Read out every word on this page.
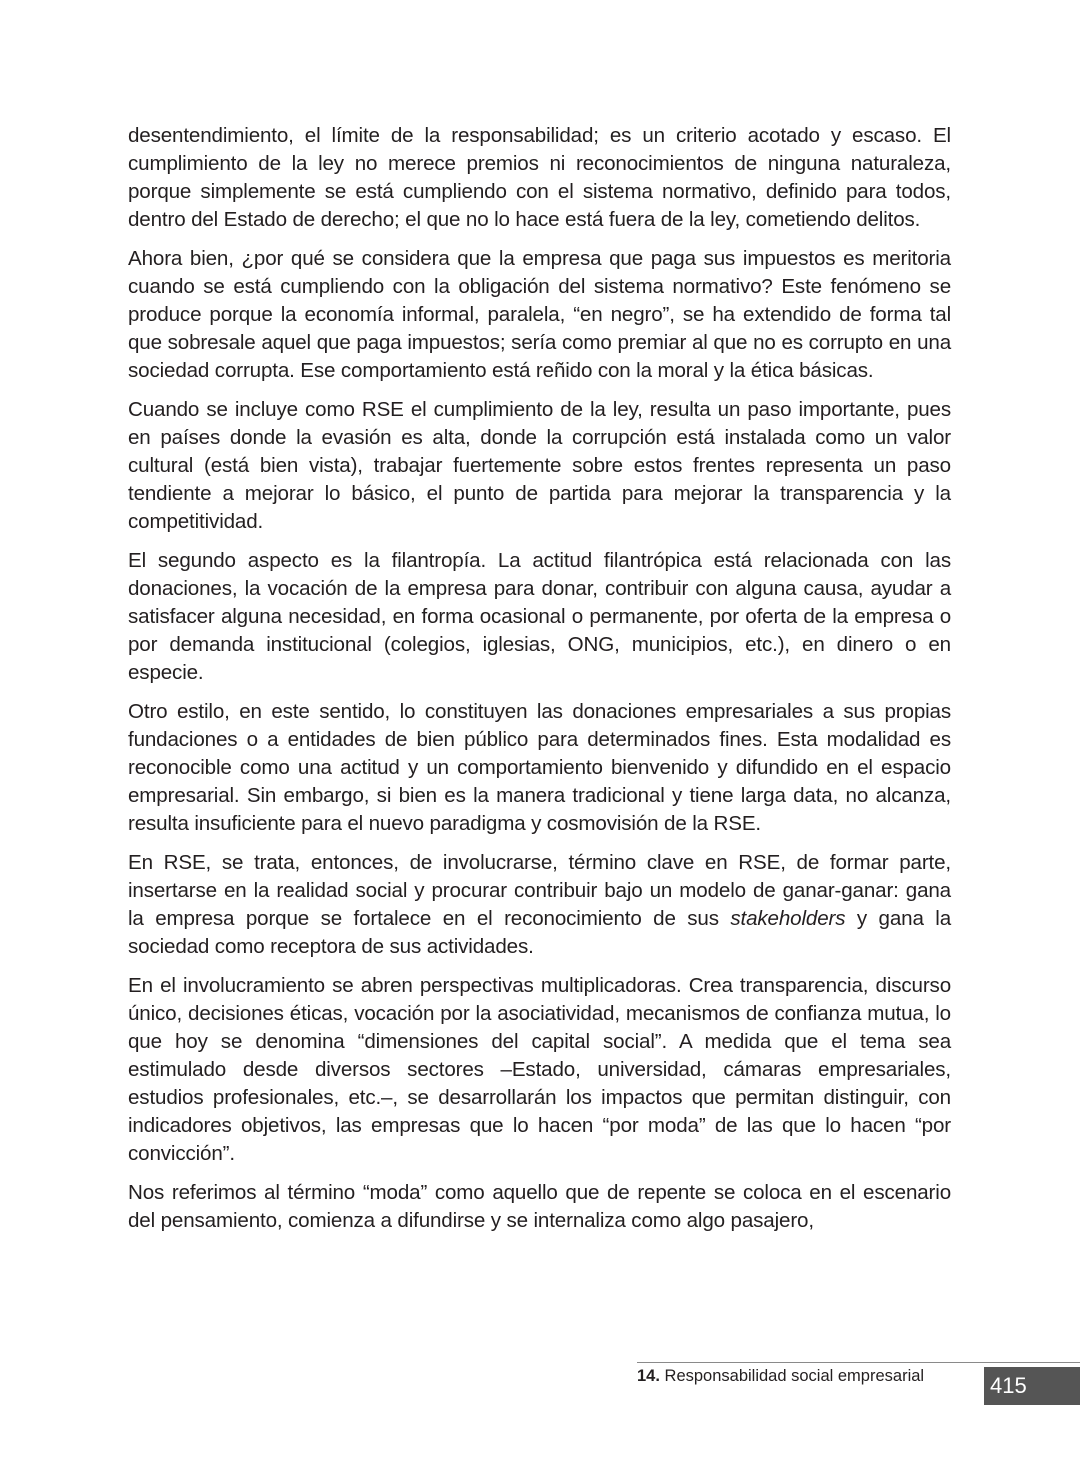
desentendimiento, el límite de la responsabilidad; es un criterio acotado y escaso. El cumplimiento de la ley no merece premios ni reconocimientos de ninguna naturaleza, porque simplemente se está cumpliendo con el sistema normativo, definido para todos, dentro del Estado de derecho; el que no lo hace está fuera de la ley, cometiendo delitos.

Ahora bien, ¿por qué se considera que la empresa que paga sus impuestos es meritoria cuando se está cumpliendo con la obligación del sistema normativo? Este fenómeno se produce porque la economía informal, paralela, “en negro”, se ha extendido de forma tal que sobresale aquel que paga impuestos; sería como premiar al que no es corrupto en una sociedad corrupta. Ese comportamiento está reñido con la moral y la ética básicas.

Cuando se incluye como RSE el cumplimiento de la ley, resulta un paso importante, pues en países donde la evasión es alta, donde la corrupción está instalada como un valor cultural (está bien vista), trabajar fuertemente sobre estos frentes representa un paso tendiente a mejorar lo básico, el punto de partida para mejorar la transparencia y la competitividad.

El segundo aspecto es la filantropía. La actitud filantrópica está relacionada con las donaciones, la vocación de la empresa para donar, contribuir con alguna causa, ayudar a satisfacer alguna necesidad, en forma ocasional o permanente, por oferta de la empresa o por demanda institucional (colegios, iglesias, ONG, municipios, etc.), en dinero o en especie.

Otro estilo, en este sentido, lo constituyen las donaciones empresariales a sus propias fundaciones o a entidades de bien público para determinados fines. Esta modalidad es reconocible como una actitud y un comportamiento bienvenido y difundido en el espacio empresarial. Sin embargo, si bien es la manera tradicional y tiene larga data, no alcanza, resulta insuficiente para el nuevo paradigma y cosmovisión de la RSE.

En RSE, se trata, entonces, de involucrarse, término clave en RSE, de formar parte, insertarse en la realidad social y procurar contribuir bajo un modelo de ganar-ganar: gana la empresa porque se fortalece en el reconocimiento de sus stakeholders y gana la sociedad como receptora de sus actividades.

En el involucramiento se abren perspectivas multiplicadoras. Crea transparencia, discurso único, decisiones éticas, vocación por la asociatividad, mecanismos de confianza mutua, lo que hoy se denomina “dimensiones del capital social”. A medida que el tema sea estimulado desde diversos sectores –Estado, universidad, cámaras empresariales, estudios profesionales, etc.–, se desarrollarán los impactos que permitan distinguir, con indicadores objetivos, las empresas que lo hacen “por moda” de las que lo hacen “por convicción”.

Nos referimos al término “moda” como aquello que de repente se coloca en el escenario del pensamiento, comienza a difundirse y se internaliza como algo pasajero,

14. Responsabilidad social empresarial	415
